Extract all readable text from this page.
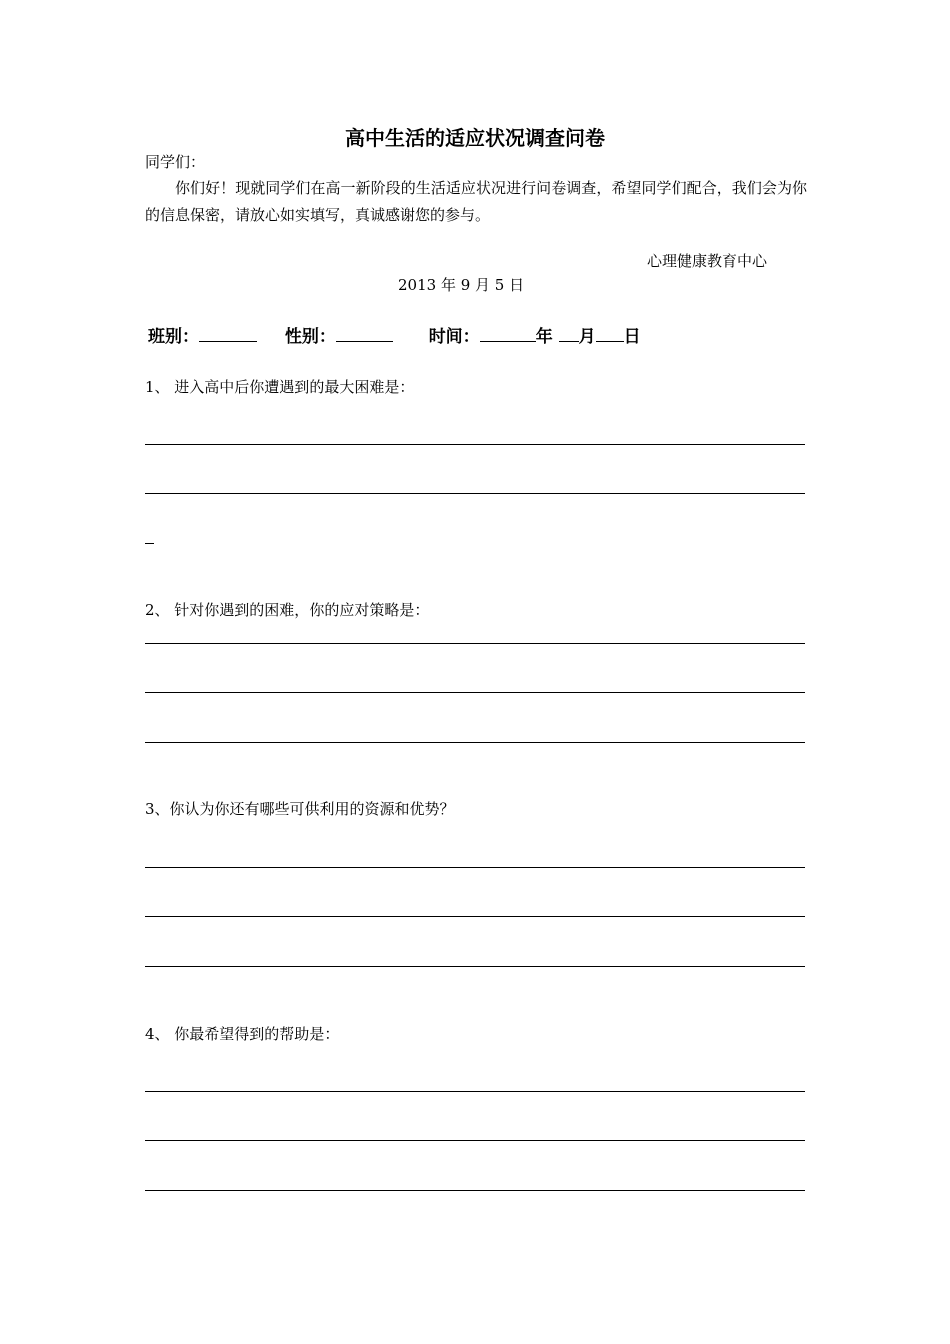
高中生活的适应状况调查问卷
同学们：
你们好！现就同学们在高一新阶段的生活适应状况进行问卷调查，希望同学们配合，我们会为你的信息保密，请放心如实填写，真诚感谢您的参与。
心理健康教育中心
2013 年 9 月 5 日
班别：	性别：	时间：	年 月 日
1、 进入高中后你遭遇到的最大困难是：
2、 针对你遇到的困难，你的应对策略是：
3、你认为你还有哪些可供利用的资源和优势？
4、 你最希望得到的帮助是：
